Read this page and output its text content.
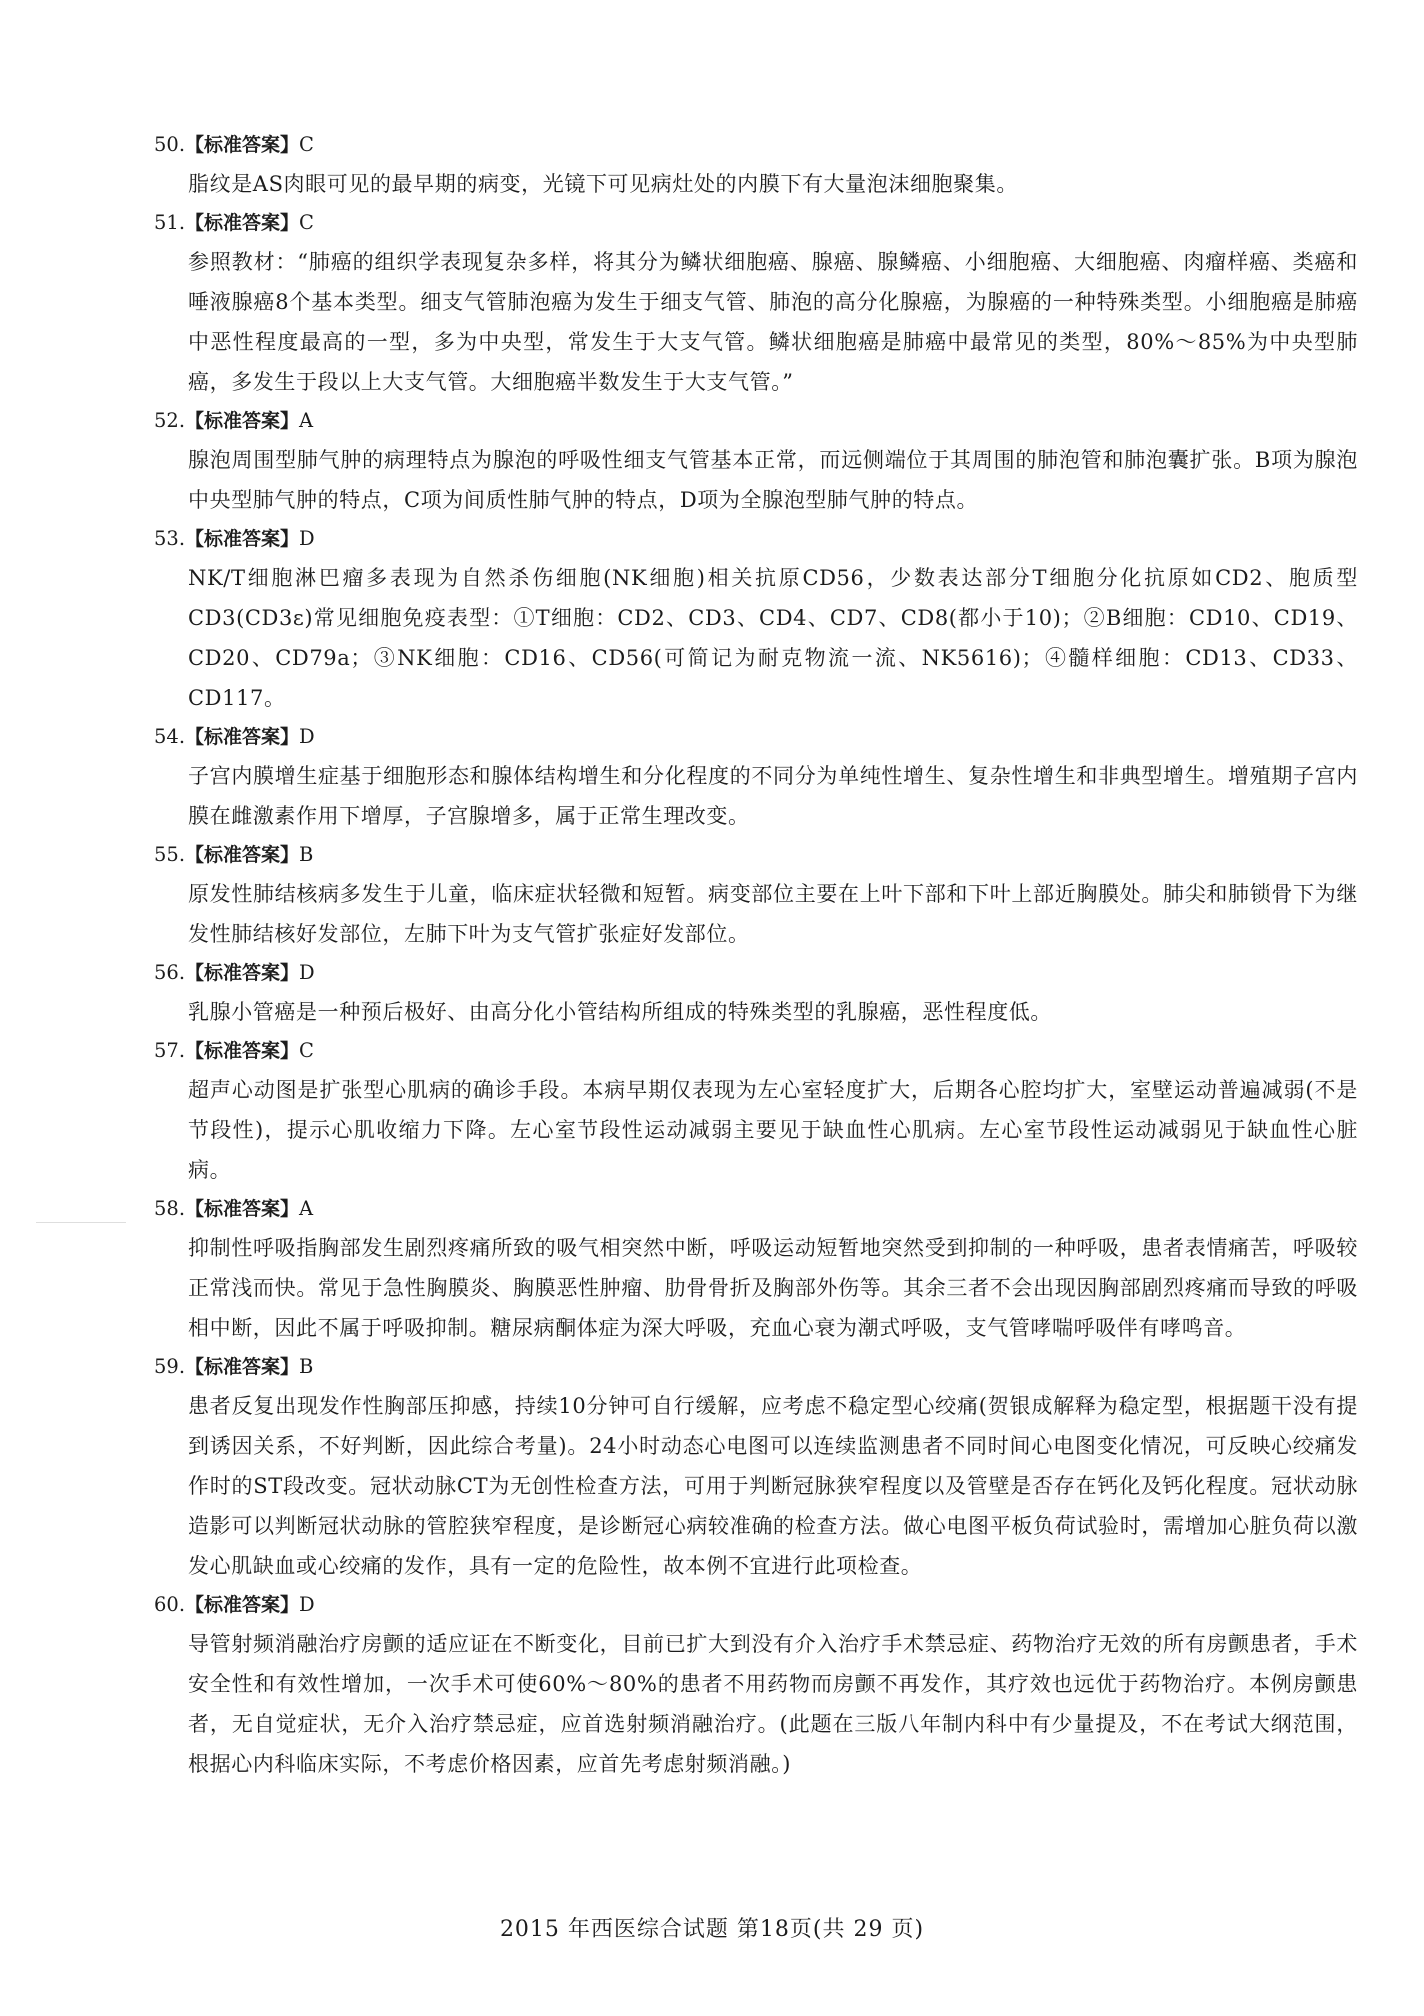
50.【标准答案】C
脂纹是AS肉眼可见的最早期的病变，光镜下可见病灶处的内膜下有大量泡沫细胞聚集。
51.【标准答案】C
参照教材：“肺癌的组织学表现复杂多样，将其分为鳞状细胞癌、腺癌、腺鳞癌、小细胞癌、大细胞癌、肉瘤样癌、类癌和唾液腺癌8个基本类型。细支气管肺泡癌为发生于细支气管、肺泡的高分化腺癌，为腺癌的一种特殊类型。小细胞癌是肺癌中恶性程度最高的一型，多为中央型，常发生于大支气管。鳞状细胞癌是肺癌中最常见的类型，80%～85%为中央型肺癌，多发生于段以上大支气管。大细胞癌半数发生于大支气管。”
52.【标准答案】A
腺泡周围型肺气肿的病理特点为腺泡的呼吸性细支气管基本正常，而远侧端位于其周围的肺泡管和肺泡囊扩张。B项为腺泡中央型肺气肿的特点，C项为间质性肺气肿的特点，D项为全腺泡型肺气肿的特点。
53.【标准答案】D
NK/T细胞淋巴瘤多表现为自然杀伤细胞(NK细胞)相关抗原CD56，少数表达部分T细胞分化抗原如CD2、胞质型CD3(CD3ε)常见细胞免疫表型：①T细胞：CD2、CD3、CD4、CD7、CD8(都小于10)；②B细胞：CD10、CD19、CD20、CD79a；③NK细胞：CD16、CD56(可简记为耐克物流一流、NK5616)；④髓样细胞：CD13、CD33、CD117。
54.【标准答案】D
子宫内膜增生症基于细胞形态和腺体结构增生和分化程度的不同分为单纯性增生、复杂性增生和非典型增生。增殖期子宫内膜在雌激素作用下增厚，子宫腺增多，属于正常生理改变。
55.【标准答案】B
原发性肺结核病多发生于儿童，临床症状轻微和短暂。病变部位主要在上叶下部和下叶上部近胸膜处。肺尖和肺锁骨下为继发性肺结核好发部位，左肺下叶为支气管扩张症好发部位。
56.【标准答案】D
乳腺小管癌是一种预后极好、由高分化小管结构所组成的特殊类型的乳腺癌，恶性程度低。
57.【标准答案】C
超声心动图是扩张型心肌病的确诊手段。本病早期仅表现为左心室轻度扩大，后期各心腔均扩大，室壁运动普遍减弱(不是节段性)，提示心肌收缩力下降。左心室节段性运动减弱主要见于缺血性心肌病。左心室节段性运动减弱见于缺血性心脏病。
58.【标准答案】A
抑制性呼吸指胸部发生剧烈疼痛所致的吸气相突然中断，呼吸运动短暂地突然受到抑制的一种呼吸，患者表情痛苦，呼吸较正常浅而快。常见于急性胸膜炎、胸膜恶性肿瘤、肋骨骨折及胸部外伤等。其余三者不会出现因胸部剧烈疼痛而导致的呼吸相中断，因此不属于呼吸抑制。糖尿病酮体症为深大呼吸，充血心衰为潮式呼吸，支气管哮喘呼吸伴有哮鸣音。
59.【标准答案】B
患者反复出现发作性胸部压抑感，持续10分钟可自行缓解，应考虑不稳定型心绞痛(贺银成解释为稳定型，根据题干没有提到诱因关系，不好判断，因此综合考量)。24小时动态心电图可以连续监测患者不同时间心电图变化情况，可反映心绞痛发作时的ST段改变。冠状动脉CT为无创性检查方法，可用于判断冠脉狭窄程度以及管壁是否存在钙化及钙化程度。冠状动脉造影可以判断冠状动脉的管腔狭窄程度，是诊断冠心病较准确的检查方法。做心电图平板负荷试验时，需增加心脏负荷以激发心肌缺血或心绞痛的发作，具有一定的危险性，故本例不宜进行此项检查。
60.【标准答案】D
导管射频消融治疗房颤的适应证在不断变化，目前已扩大到没有介入治疗手术禁忌症、药物治疗无效的所有房颤患者，手术安全性和有效性增加，一次手术可使60%～80%的患者不用药物而房颤不再发作，其疗效也远优于药物治疗。本例房颤患者，无自觉症状，无介入治疗禁忌症，应首选射频消融治疗。(此题在三版八年制内科中有少量提及，不在考试大纲范围，根据心内科临床实际，不考虑价格因素，应首先考虑射频消融。)
2015 年西医综合试题 第18页(共 29 页)
